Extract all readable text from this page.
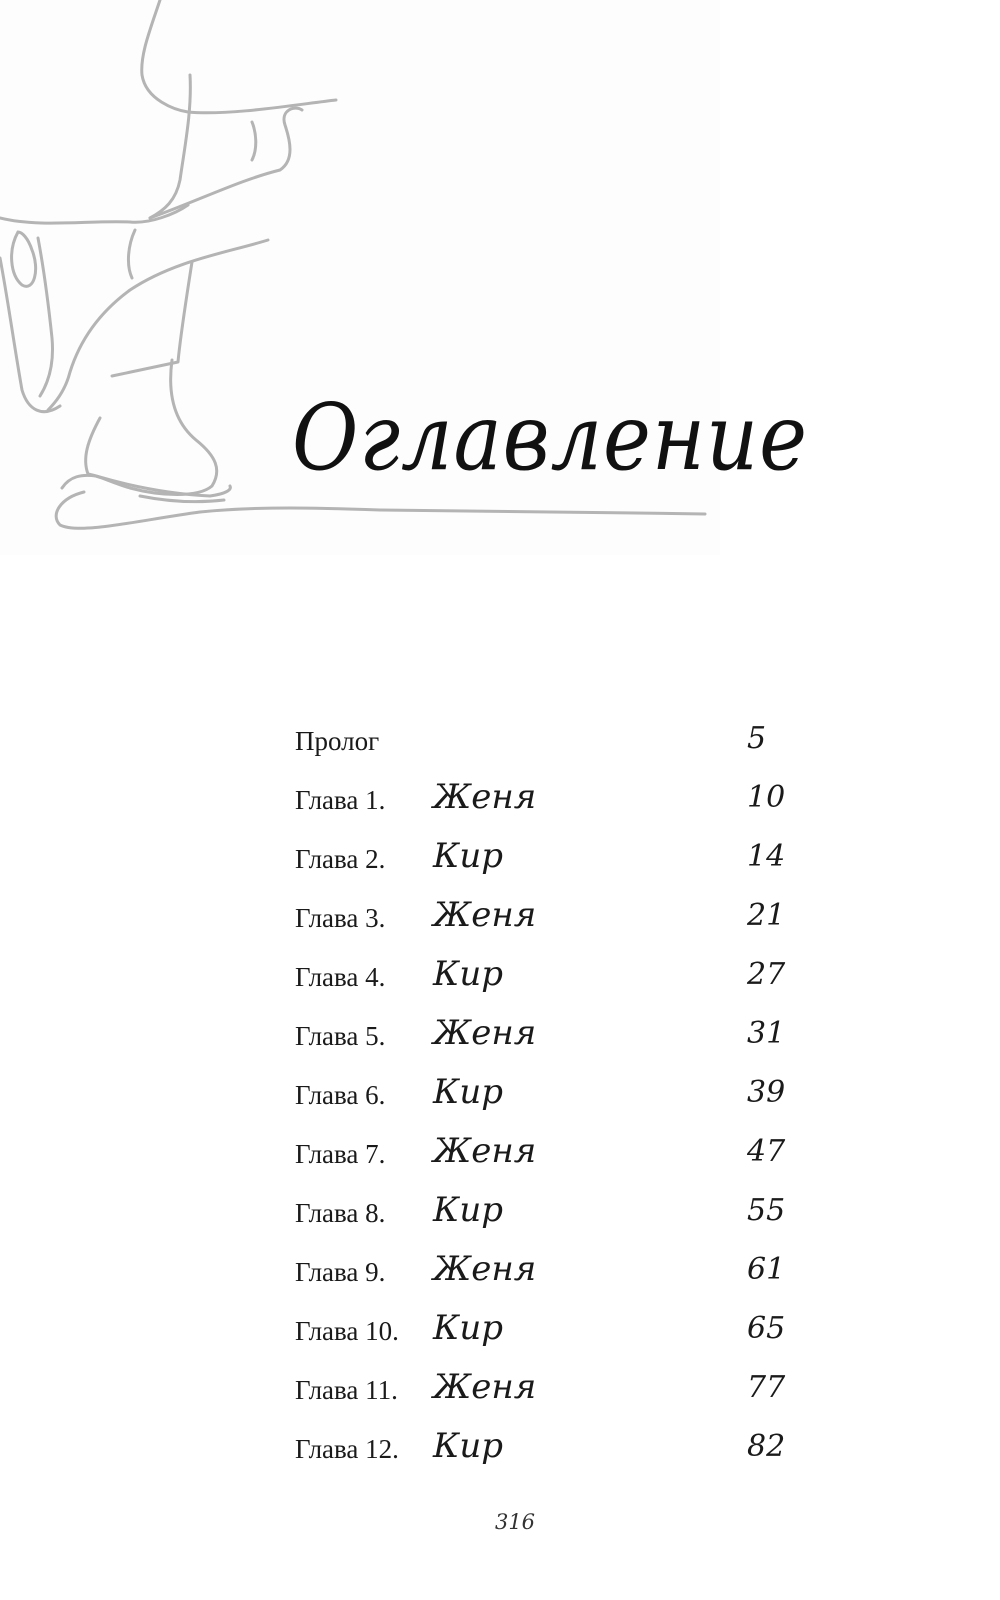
Оглавление
Пролог	5
Глава 1. Женя	10
Глава 2. Кир	14
Глава 3. Женя	21
Глава 4. Кир	27
Глава 5. Женя	31
Глава 6. Кир	39
Глава 7. Женя	47
Глава 8. Кир	55
Глава 9. Женя	61
Глава 10. Кир	65
Глава 11. Женя	77
Глава 12. Кир	82
316
